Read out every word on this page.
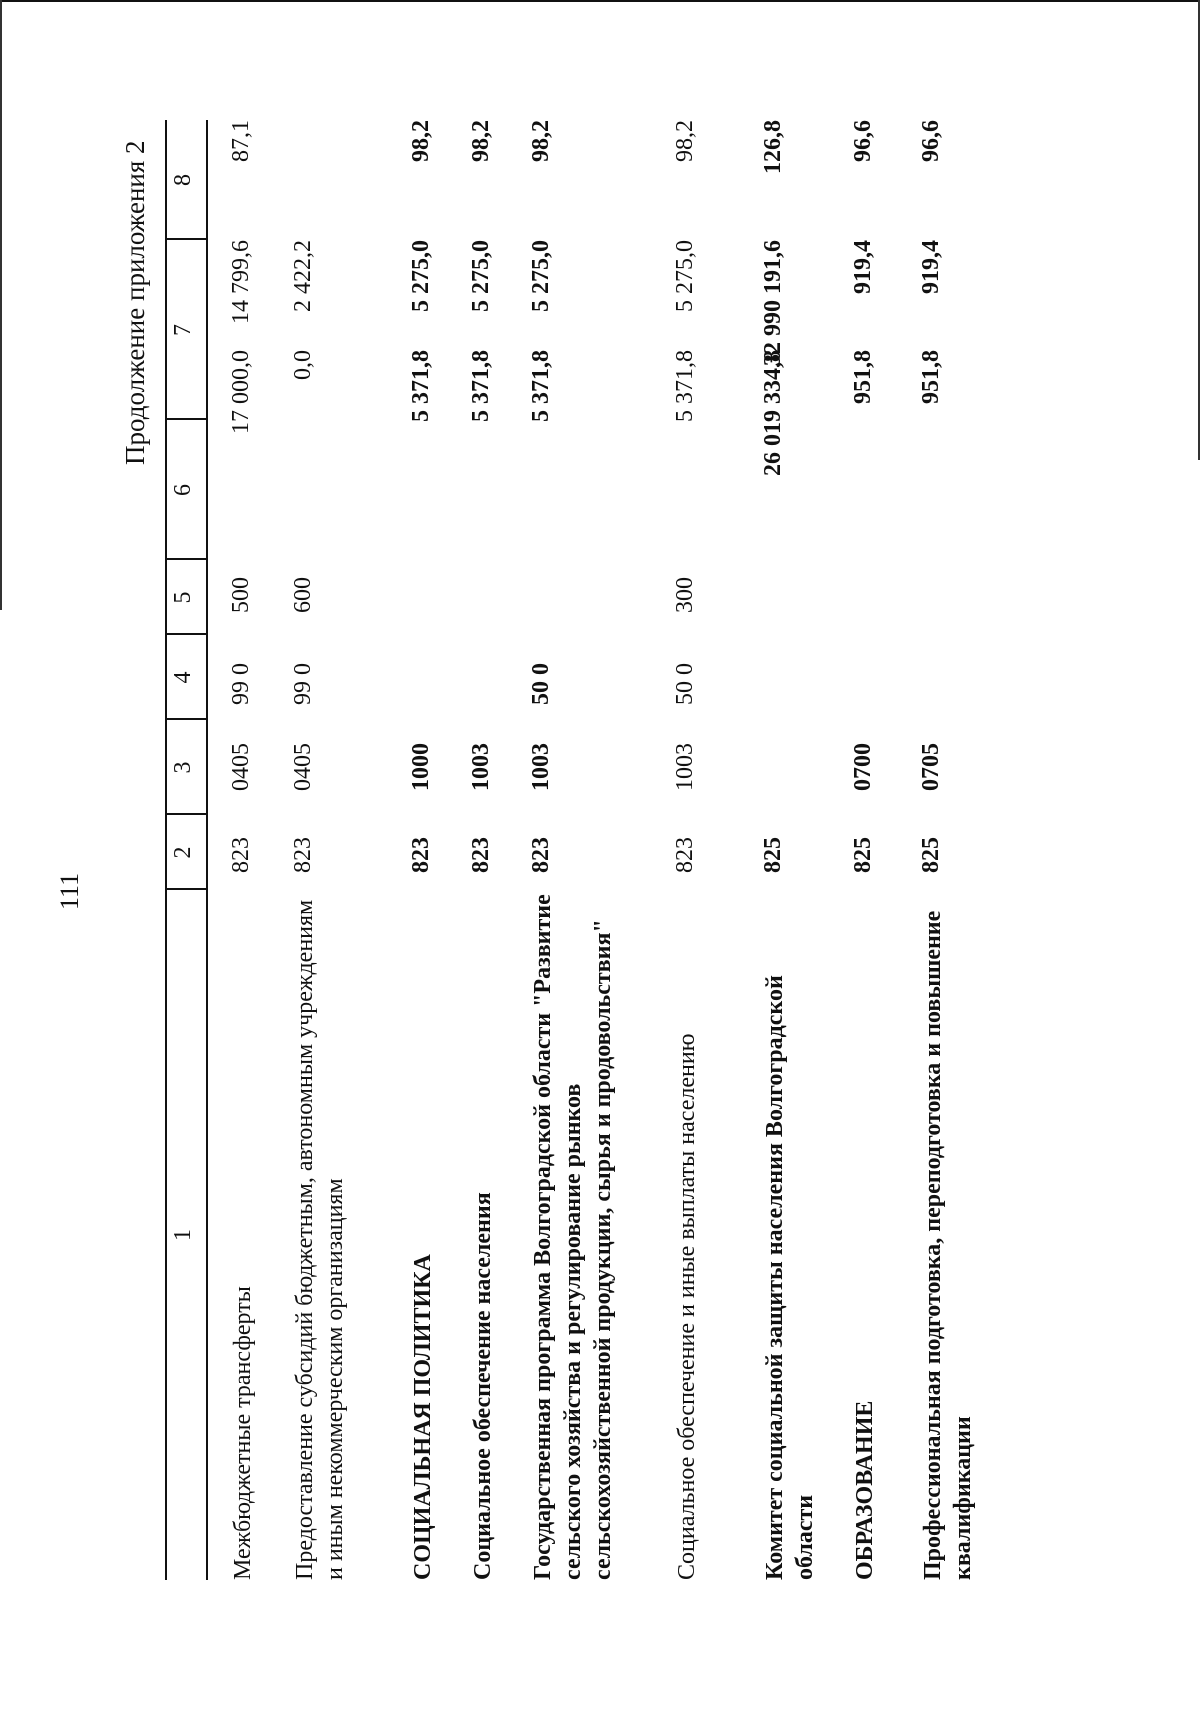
111
Продолжение приложения 2
1
2
3
4
5
6
7
8
Межбюджетные трансферты
823
0405
99 0
500
17 000,0
14 799,6
87,1
Предоставление субсидий бюджетным, автономным учреждениям и иным некоммерческим организациям
823
0405
99 0
600
0,0
2 422,2
СОЦИАЛЬНАЯ ПОЛИТИКА
823
1000
5 371,8
5 275,0
98,2
Социальное обеспечение населения
823
1003
5 371,8
5 275,0
98,2
Государственная программа Волгоградской области "Развитие сельского хозяйства и регулирование рынков сельскохозяйственной продукции, сырья и продовольствия"
823
1003
50 0
5 371,8
5 275,0
98,2
Социальное обеспечение и иные выплаты населению
823
1003
50 0
300
5 371,8
5 275,0
98,2
Комитет социальной защиты населения Волгоградской области
825
26 019 334,8
32 990 191,6
126,8
ОБРАЗОВАНИЕ
825
0700
951,8
919,4
96,6
Профессиональная подготовка, переподготовка и повышение квалификации
825
0705
951,8
919,4
96,6
